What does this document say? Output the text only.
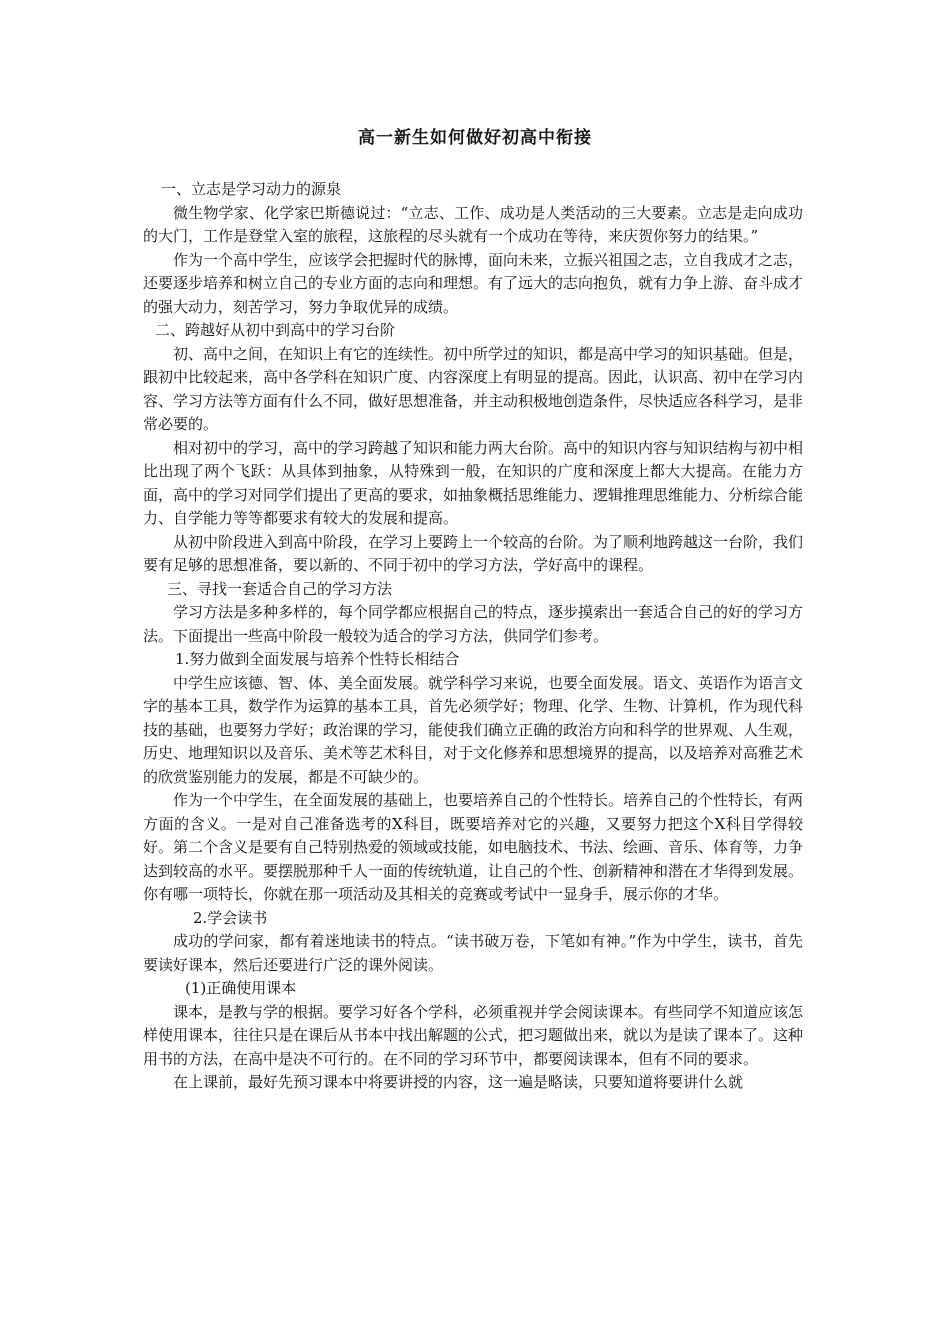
高一新生如何做好初高中衔接

一、立志是学习动力的源泉

微生物学家、化学家巴斯德说过：“立志、工作、成功是人类活动的三大要素。立志是走向成功的大门，工作是登堂入室的旅程，这旅程的尽头就有一个成功在等待，来庆贺你努力的结果。”

作为一个高中学生，应该学会把握时代的脉博，面向未来，立振兴祖国之志，立自我成才之志，还要逐步培养和树立自己的专业方面的志向和理想。有了远大的志向抱负，就有力争上游、奋斗成才的强大动力，刻苦学习，努力争取优异的成绩。

二、跨越好从初中到高中的学习台阶

初、高中之间，在知识上有它的连续性。初中所学过的知识，都是高中学习的知识基础。但是，跟初中比较起来，高中各学科在知识广度、内容深度上有明显的提高。因此，认识高、初中在学习内容、学习方法等方面有什么不同，做好思想准备，并主动积极地创造条件，尽快适应各科学习，是非常必要的。

相对初中的学习，高中的学习跨越了知识和能力两大台阶。高中的知识内容与知识结构与初中相比出现了两个飞跃：从具体到抽象，从特殊到一般，在知识的广度和深度上都大大提高。在能力方面，高中的学习对同学们提出了更高的要求，如抽象概括思维能力、逻辑推理思维能力、分析综合能力、自学能力等等都要求有较大的发展和提高。

从初中阶段进入到高中阶段，在学习上要跨上一个较高的台阶。为了顺利地跨越这一台阶，我们要有足够的思想准备，要以新的、不同于初中的学习方法，学好高中的课程。

三、寻找一套适合自己的学习方法

学习方法是多种多样的，每个同学都应根据自己的特点，逐步摸索出一套适合自己的好的学习方法。下面提出一些高中阶段一般较为适合的学习方法，供同学们参考。

1.努力做到全面发展与培养个性特长相结合

中学生应该德、智、体、美全面发展。就学科学习来说，也要全面发展。语文、英语作为语言文字的基本工具，数学作为运算的基本工具，首先必须学好；物理、化学、生物、计算机，作为现代科技的基础，也要努力学好；政治课的学习，能使我们确立正确的政治方向和科学的世界观、人生观，历史、地理知识以及音乐、美术等艺术科目，对于文化修养和思想境界的提高，以及培养对高雅艺术的欣赏鉴别能力的发展，都是不可缺少的。

作为一个中学生，在全面发展的基础上，也要培养自己的个性特长。培养自己的个性特长，有两方面的含义。一是对自己准备选考的X科目，既要培养对它的兴趣，又要努力把这个X科目学得较好。第二个含义是要有自己特别热爱的领域或技能，如电脑技术、书法、绘画、音乐、体育等，力争达到较高的水平。要摆脱那种千人一面的传统轨道，让自己的个性、创新精神和潜在才华得到发展。你有哪一项特长，你就在那一项活动及其相关的竞赛或考试中一显身手，展示你的才华。

2.学会读书

成功的学问家，都有着迷地读书的特点。“读书破万卷，下笔如有神。”作为中学生，读书，首先要读好课本，然后还要进行广泛的课外阅读。

(1)正确使用课本

课本，是教与学的根据。要学习好各个学科，必须重视并学会阅读课本。有些同学不知道应该怎样使用课本，往往只是在课后从书本中找出解题的公式，把习题做出来，就以为是读了课本了。这种用书的方法，在高中是决不可行的。在不同的学习环节中，都要阅读课本，但有不同的要求。

在上课前，最好先预习课本中将要讲授的内容，这一遍是略读，只要知道将要讲什么就
